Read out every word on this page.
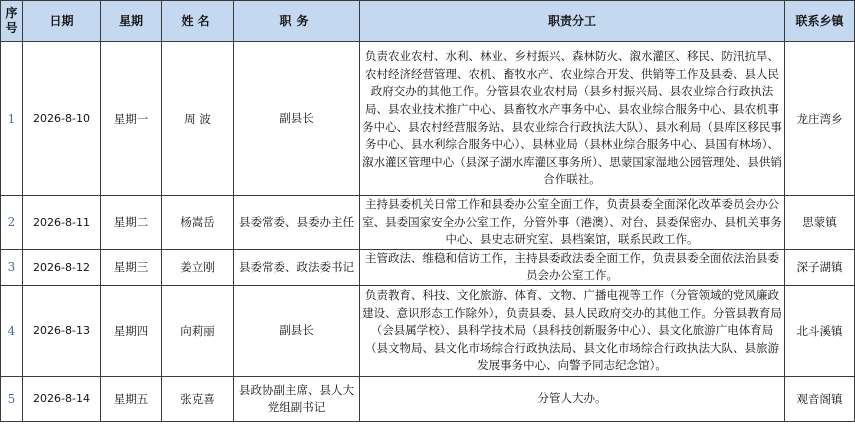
序号	日期	星期	姓名	职务	职责分工	联系乡镇
1	2026-8-10	星期一	周 波	副县长	负责农业农村、水利、林业、乡村振兴、森林防火、溆水灌区、移民、防汛抗旱、农村经济经营管理、农机、畜牧水产、农业综合开发、供销等工作及县委、县人民政府交办的其他工作。分管县农业农村局（县乡村振兴局、县农业综合行政执法局、县农业技术推广中心、县畜牧水产事务中心、县农业综合服务中心、县农机事务中心、县农村经营服务站、县农业综合行政执法大队）、县水利局（县库区移民事务中心、县水利综合服务中心）、县林业局（县林业综合服务中心、县国有林场）、溆水灌区管理中心（县深子湖水库灌区事务所）、思蒙国家湿地公园管理处、县供销合作联社。	龙庄湾乡
2	2026-8-11	星期二	杨嵩岳	县委常委、县委办主任	主持县委机关日常工作和县委办公室全面工作，负责县委全面深化改革委员会办公室、县委国家安全办公室工作，分管外事（港澳）、对台、县委保密办、县机关事务中心、县史志研究室、县档案馆，联系民政工作。	思蒙镇
3	2026-8-12	星期三	姜立刚	县委常委、政法委书记	主管政法、维稳和信访工作，主持县委政法委全面工作，负责县委全面依法治县委员会办公室工作。	深子湖镇
4	2026-8-13	星期四	向莉丽	副县长	负责教育、科技、文化旅游、体育、文物、广播电视等工作（分管领域的党风廉政建设、意识形态工作除外），负责县委、县人民政府交办的其他工作。分管县教育局（会县属学校）、县科学技术局（县科技创新服务中心）、县文化旅游广电体育局（县文物局、县文化市场综合行政执法局、县文化市场综合行政执法大队、县旅游发展事务中心、向警予同志纪念馆）。	北斗溪镇
5	2026-8-14	星期五	张克喜	县政协副主席、县人大党组副书记	分管人大办。	观音阁镇
